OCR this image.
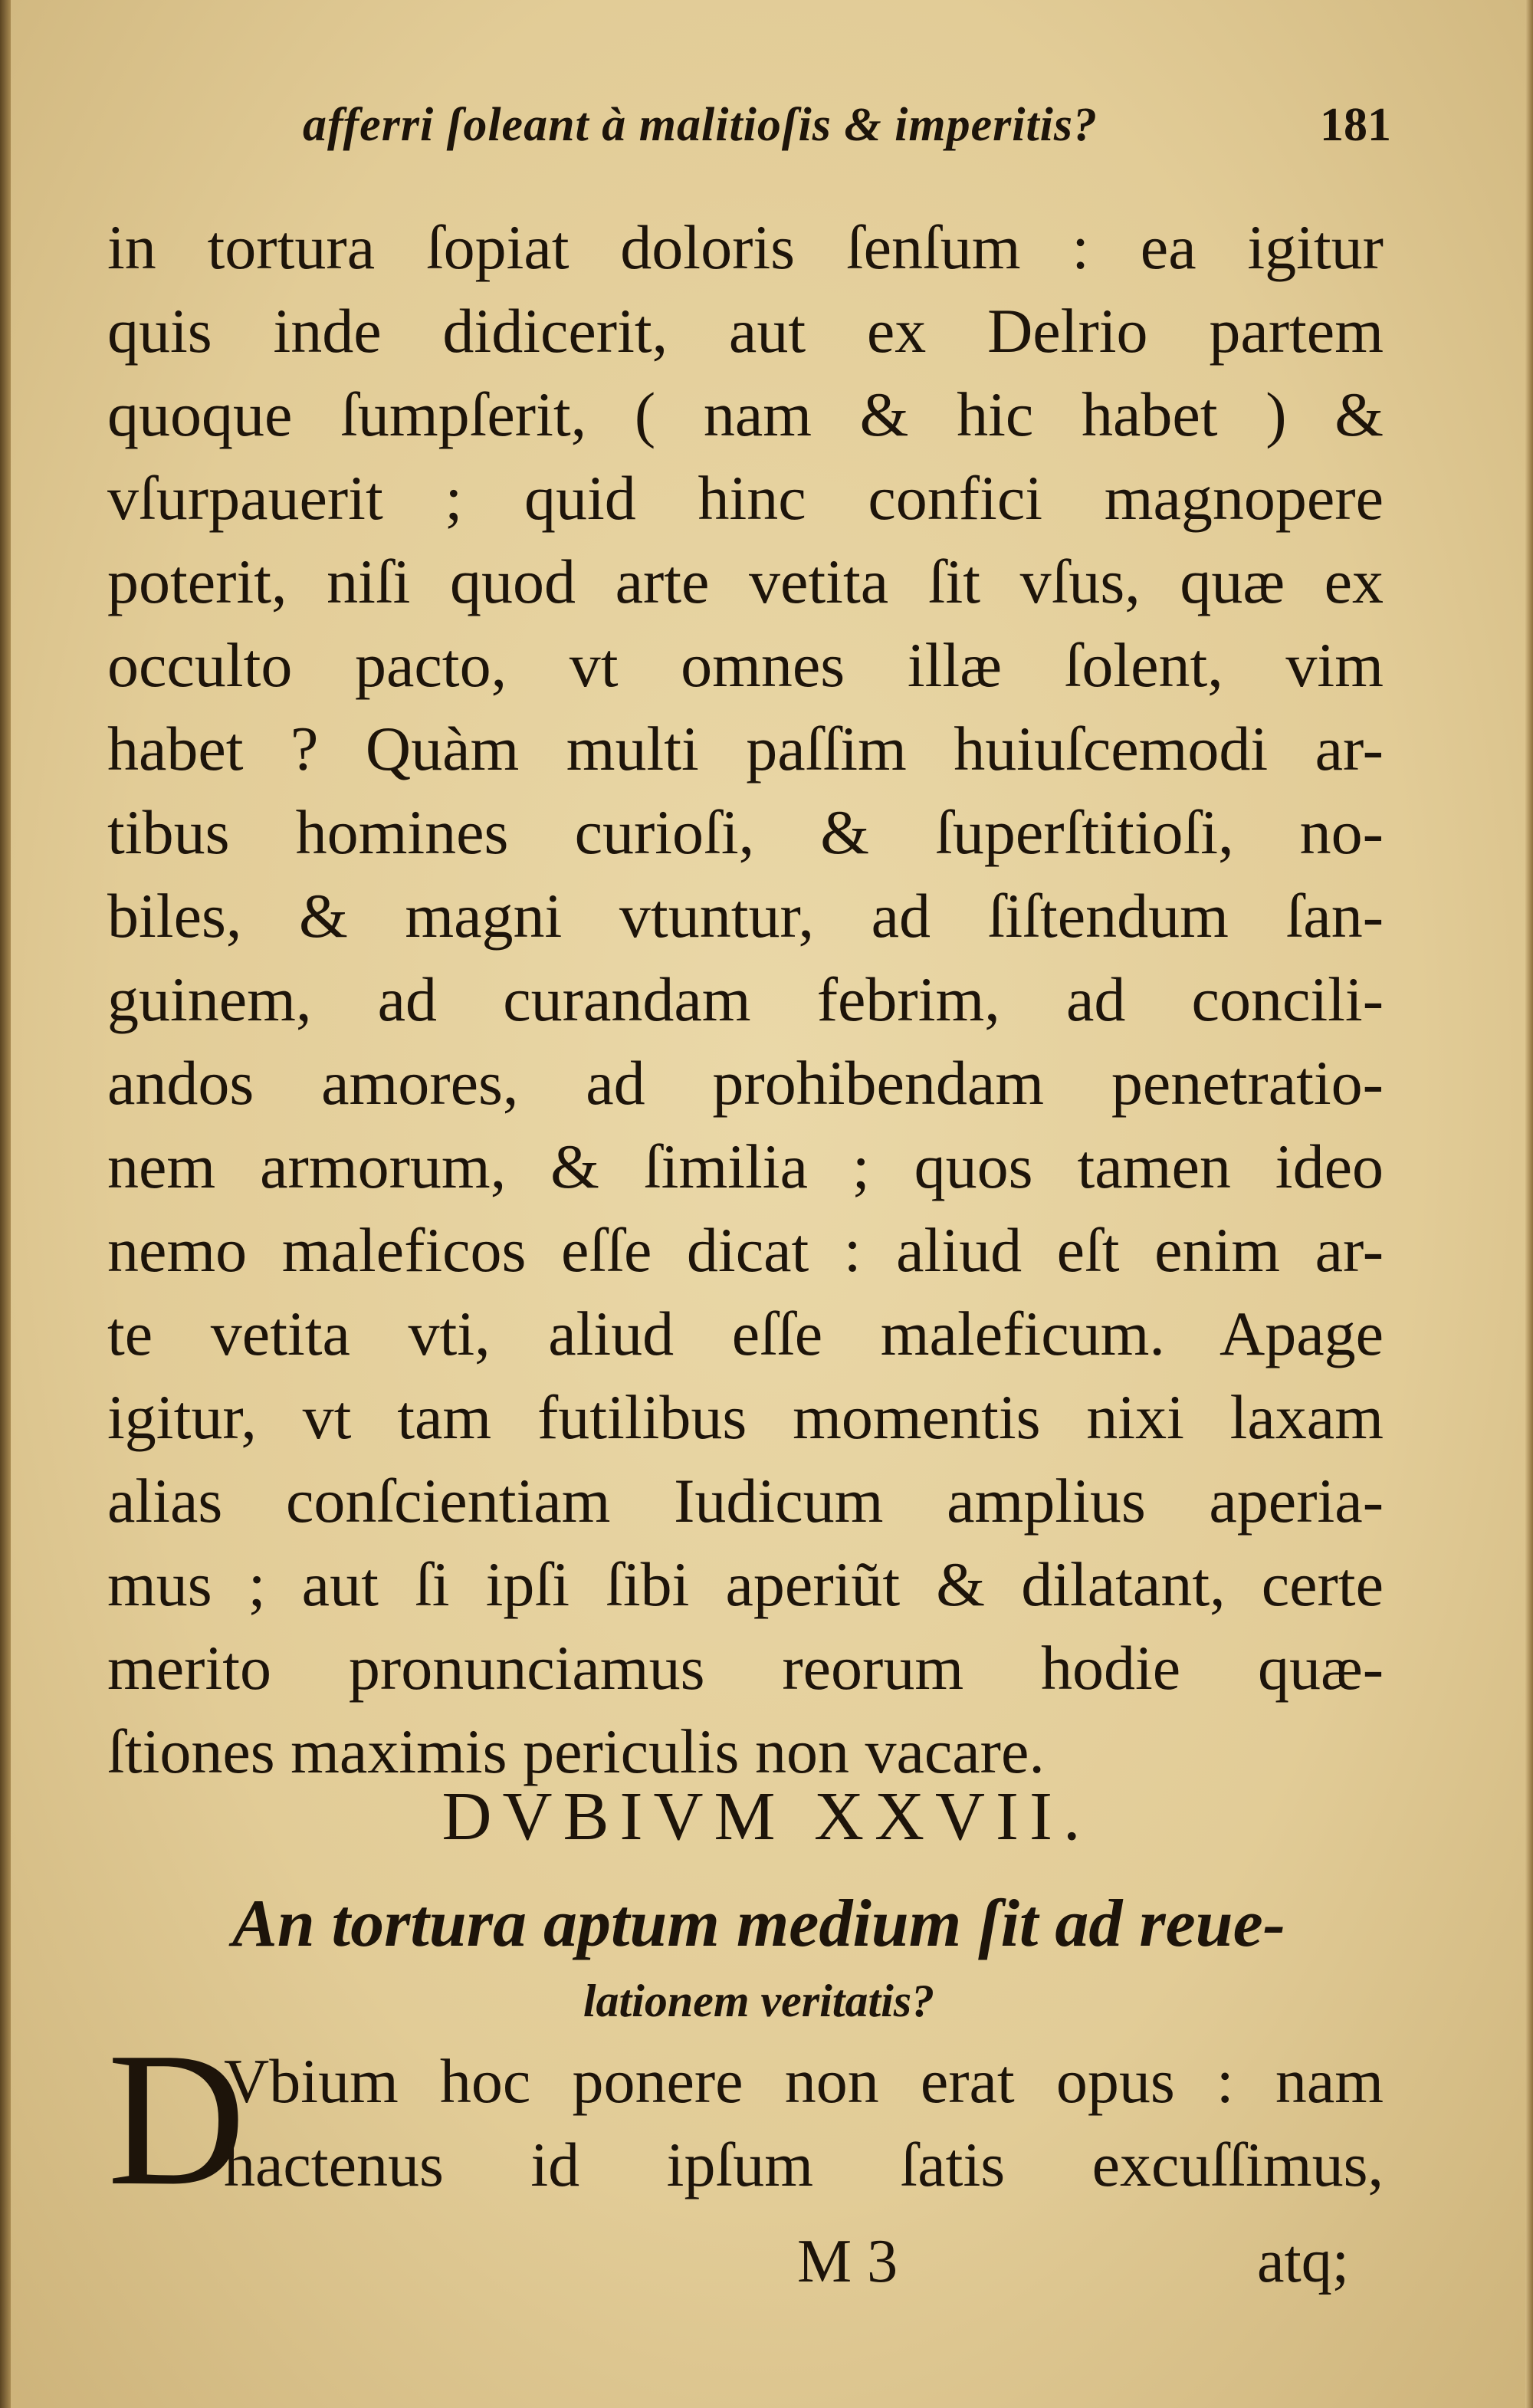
afferri ſoleant à malitioſis & imperitis?	181
in tortura ſopiat doloris ſenſum : ea igitur
quis inde didicerit, aut ex Delrio partem
quoque ſumpſerit, ( nam & hic habet ) &
vſurpauerit ; quid hinc confici magnopere
poterit, niſi quod arte vetita ſit vſus, quæ ex
occulto pacto, vt omnes illæ ſolent, vim
habet ? Quàm multi paſſim huiuſcemodi ar-
tibus homines curioſi, & ſuperſtitioſi, no-
biles, & magni vtuntur, ad ſiſtendum ſan-
guinem, ad curandam febrim, ad concili-
andos amores, ad prohibendam penetratio-
nem armorum, & ſimilia ; quos tamen ideo
nemo maleficos eſſe dicat : aliud eſt enim ar-
te vetita vti, aliud eſſe maleficum. Apage
igitur, vt tam futilibus momentis nixi laxam
alias conſcientiam Iudicum amplius aperia-
mus ; aut ſi ipſi ſibi aperiũt & dilatant, certe
merito pronunciamus reorum hodie quæ-
ſtiones maximis periculis non vacare.
DVBIVM XXVII.
An tortura aptum medium ſit ad reue-
lationem veritatis?
D
Vbium hoc ponere non erat opus : nam
hactenus id ipſum ſatis excuſſimus,
M 3	atq;
